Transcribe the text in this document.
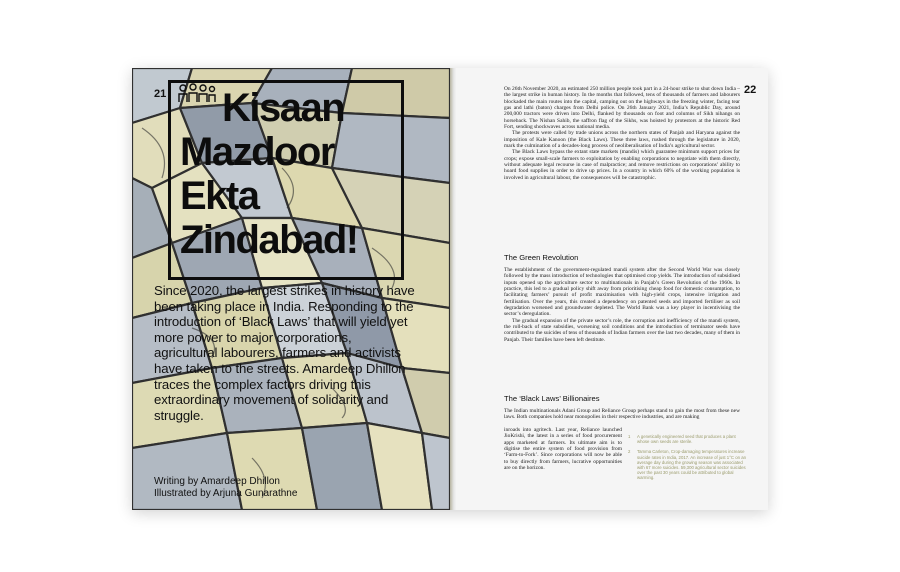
21 Kisaan
Mazdoor
Ekta
Zindabad!
Since 2020, the largest strikes in history have been taking place in India. Responding to the introduction of ‘Black Laws’ that will yield yet more power to major corporations, agricultural labourers, farmers and activists have taken to the streets. Amardeep Dhillon traces the complex factors driving this extraordinary movement of solidarity and struggle.
Writing by Amardeep Dhillon
Illustrated by Arjuna Gunarathne
22

On 26th November 2020, an estimated 250 million people took part in a 24-hour strike to shut down India – the largest strike in human history. In the months that followed, tens of thousands of farmers and labourers blockaded the main routes into the capital, camping out on the highways in the freezing winter, facing tear gas and lathi (baton) charges from Delhi police. On 26th January 2021, India’s Republic Day, around 200,000 tractors were driven into Delhi, flanked by thousands on foot and columns of Sikh nihangs on horseback. The Nishan Sahib, the saffron flag of the Sikhs, was hoisted by protestors at the historic Red Fort, sending shockwaves across national media.

The protests were called by trade unions across the northern states of Panjab and Haryana against the imposition of Kale Kanoon (the Black Laws). These three laws, rushed through the legislature in 2020, mark the culmination of a decades-long process of neoliberalisation of India’s agricultural sector.

The Black Laws bypass the extant state markets (mandis) which guarantee minimum support prices for crops; expose small-scale farmers to exploitation by enabling corporations to negotiate with them directly, without adequate legal recourse in case of malpractice; and remove restrictions on corporations’ ability to hoard food supplies in order to drive up prices. In a country in which 60% of the working population is involved in agricultural labour, the consequences will be catastrophic.

The Green Revolution

The establishment of the government-regulated mandi system after the Second World War was closely followed by the mass introduction of technologies that optimised crop yields. The introduction of subsidised inputs opened up the agriculture sector to multinationals in Panjab’s Green Revolution of the 1960s. In practice, this led to a gradual policy shift away from prioritising cheap food for domestic consumption, to facilitating farmers’ pursuit of profit maximisation with high-yield crops, intensive irrigation and fertilisation. Over the years, this created a dependency on patented seeds and imported fertiliser as soil degradation worsened and groundwater depleted. The World Bank was a key player in incentivising the sector’s deregulation.

The gradual expansion of the private sector’s role, the corruption and inefficiency of the mandi system, the roll-back of state subsidies, worsening soil conditions and the introduction of terminator seeds have contributed to the suicides of tens of thousands of Indian farmers over the last two decades, many of them in Panjab. Their families have been left destitute.

The ‘Black Laws’ Billionaires

The Indian multinationals Adani Group and Reliance Group perhaps stand to gain the most from these new laws. Both companies hold near monopolies in their respective industries, and are making

inroads into agritech. Last year, Reliance launched JioKrishi, the latest in a series of food procurement apps marketed at farmers. Its ultimate aim is to digitise the entire system of food provision from ‘Farm-to-Fork’. Since corporations will now be able to buy directly from farmers, lucrative opportunities are on the horizon.

1	A genetically engineered seed that produces a plant whose own seeds are sterile.
2	Tamma Carleton, Crop-damaging temperatures increase suicide rates in India, 2017. An increase of just 1°C on an average day during the growing season was associated with 67 more suicides. 59,300 agricultural sector suicides over the past 30 years could be attributed to global warming.
